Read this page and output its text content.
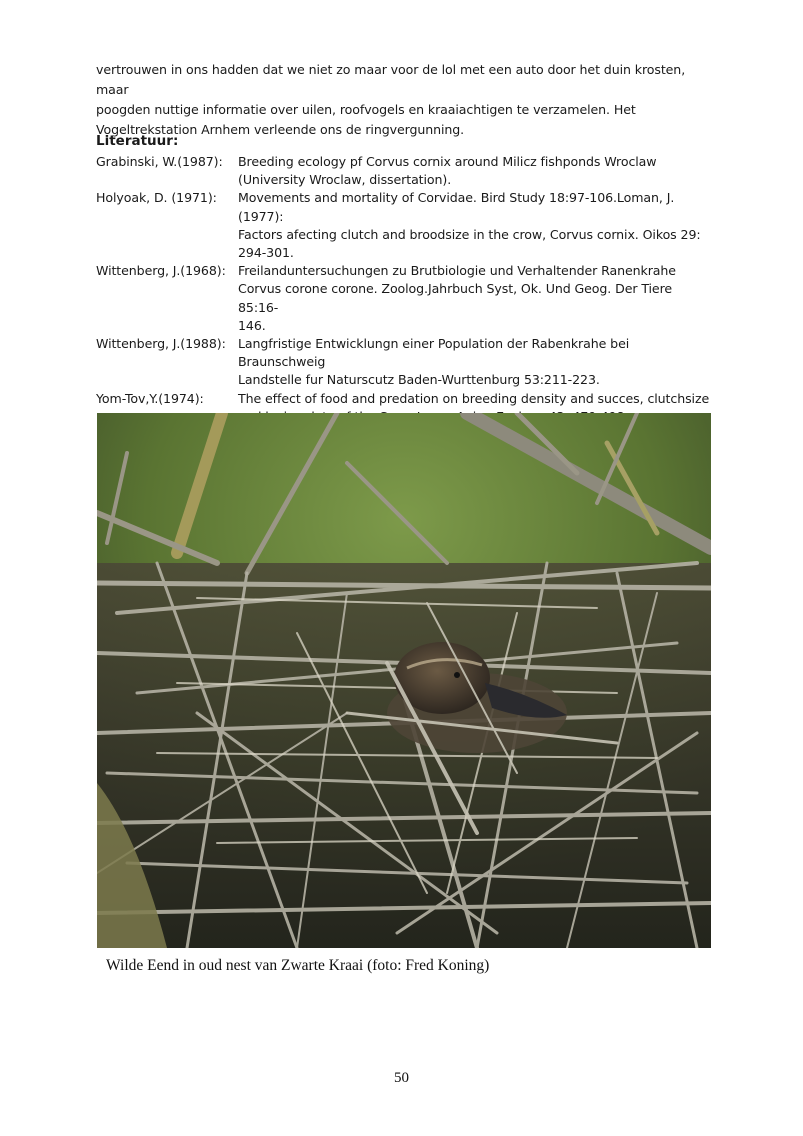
vertrouwen in ons hadden dat we niet zo maar voor de lol met een auto door het duin krosten, maar

poogden nuttige informatie over uilen, roofvogels en kraaiachtigen te verzamelen. Het

Vogeltrekstation Arnhem verleende ons de ringvergunning.

Literatuur:
Grabinski, W.(1987):	Breeding ecology pf Corvus cornix around Milicz fishponds Wroclaw
(University Wroclaw, dissertation).
Holyoak, D. (1971):	Movements and mortality of Corvidae. Bird Study 18:97-106.Loman, J.(1977):
Factors afecting clutch and broodsize in the crow, Corvus cornix. Oikos 29:
294-301.
Wittenberg, J.(1968): Freilanduntersuchungen zu Brutbiologie und Verhaltender Ranenkrahe
Corvus corone corone. Zoolog.Jahrbuch Syst, Ok. Und Geog. Der Tiere 85:16-
146.
Wittenberg, J.(1988): Langfristige Entwicklungn einer Population der Rabenkrahe bei Braunschweig
Landstelle fur Naturscutz Baden-Wurttenburg 53:211-223.
Yom-Tov,Y.(1974):	The effect of food and predation on breeding density and succes, clutchsize
Wilde Eend in oud nest van Zwarte Kraai (foto: Fred Koning)
50
